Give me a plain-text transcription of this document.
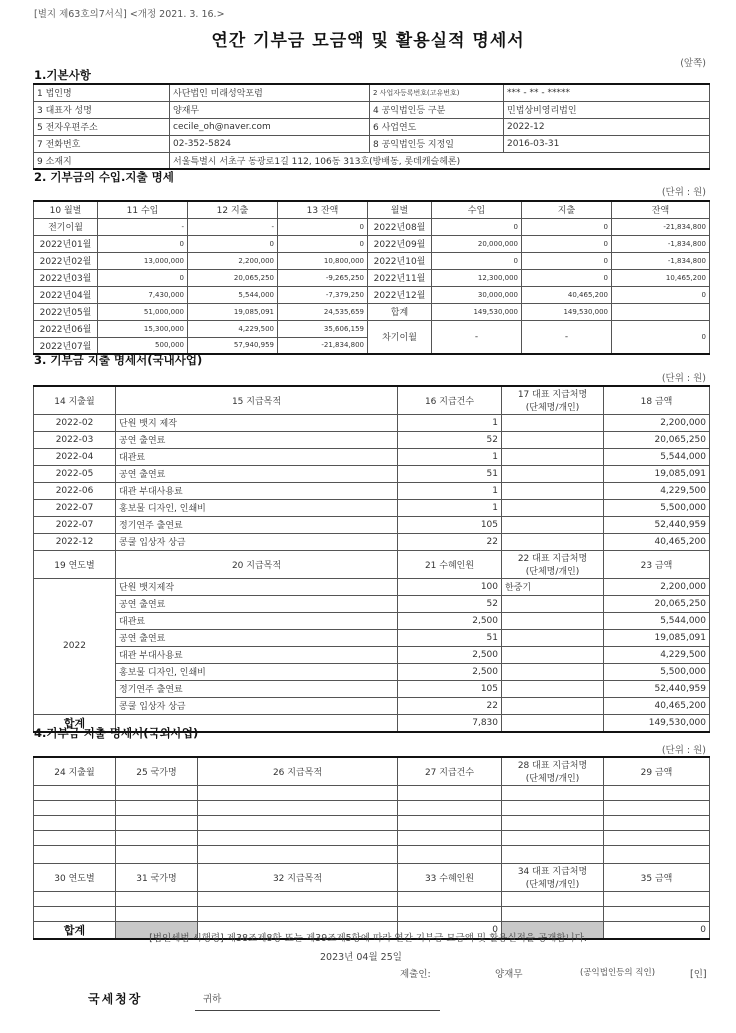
[별지 제63호의7서식] <개정 2021. 3. 16.>
연간 기부금 모금액 및 활용실적 명세서
(앞쪽)
1.기본사항
1 법인명	사단법인 미래성악포럼	2 사업자등록번호(고유번호)	*** - ** - *****
3 대표자 성명	양재무	4 공익법인등 구분	민법상비영리법인
5 전자우편주소	cecile_oh@naver.com	6 사업연도	2022-12
7 전화번호	02-352-5824	8 공익법인등 지정일	2016-03-31
9 소재지	서울특별시 서초구 동광로1길 112, 106동 313호(방배동, 롯데캐슬헤론)		
2. 기부금의 수입.지출 명세
(단위 : 원)
10 월별	11 수입	12 지출	13 잔액	월별	수입	지출	잔액
전기이월	-	-	0	2022년08월	0	0	-21,834,800
2022년01월	0	0	0	2022년09월	20,000,000	0	-1,834,800
2022년02월	13,000,000	2,200,000	10,800,000	2022년10월	0	0	-1,834,800
2022년03월	0	20,065,250	-9,265,250	2022년11월	12,300,000	0	10,465,200
2022년04월	7,430,000	5,544,000	-7,379,250	2022년12월	30,000,000	40,465,200	0
2022년05월	51,000,000	19,085,091	24,535,659	합계	149,530,000	149,530,000	
2022년06월	15,300,000	4,229,500	35,606,159	차기이월	-	-	0
2022년07월	500,000	57,940,959	-21,834,800				
3. 기부금 지출 명세서(국내사업)
(단위 : 원)
14 지출월	15 지급목적	16 지급건수	17 대표 지급처명
(단체명/개인)	18 금액
2022-02	단원 뱃지 제작	1		2,200,000
2022-03	공연 출연료	52		20,065,250
2022-04	대관료	1		5,544,000
2022-05	공연 출연료	51		19,085,091
2022-06	대관 부대사용료	1		4,229,500
2022-07	홍보물 디자인, 인쇄비	1		5,500,000
2022-07	정기연주 출연료	105		52,440,959
2022-12	콩쿨 입상자 상금	22		40,465,200
19 연도별	20 지급목적	21 수혜인원	22 대표 지급처명
(단체명/개인)	23 금액
2022	단원 뱃지제작	100	한중기	2,200,000
	공연 출연료	52		20,065,250
	대관료	2,500		5,544,000
	공연 출연료	51		19,085,091
	대관 부대사용료	2,500		4,229,500
	홍보물 디자인, 인쇄비	2,500		5,500,000
	정기연주 출연료	105		52,440,959
	콩쿨 입상자 상금	22		40,465,200
합계		7,830		149,530,000
4.기부금 지출 명세서(국외사업)
(단위 : 원)
24 지출월	25 국가명	26 지급목적	27 지급건수	28 대표 지급처명
(단체명/개인)	29 금액

30 연도별	31 국가명	32 지급목적	33 수혜인원	34 대표 지급처명
(단체명/개인)	35 금액

합계			0		0
[법인세법 시행령] 제38조제8항 또는 제39조제5항에 따라 연간 기부금 모금액 및 활용실적을 공개합니다.
2023년 04월 25일
제출인:	양재무	(공익법인등의 직인)	[인]
국세청장	귀하
